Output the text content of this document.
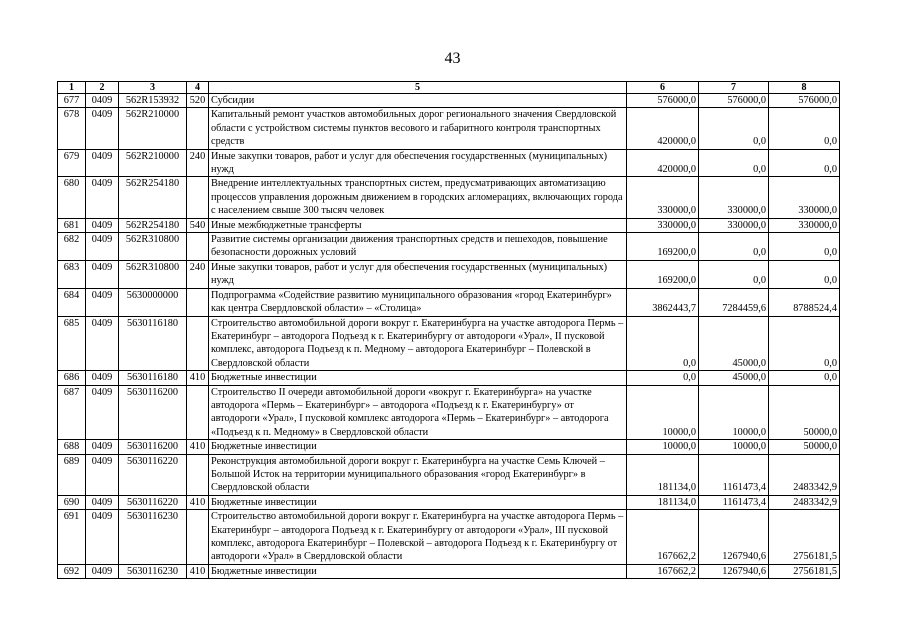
43
1	2	3	4	5	6	7	8
677	0409	562R153932	520	Субсидии	576000,0	576000,0	576000,0
678	0409	562R210000		Капитальный ремонт участков автомобильных дорог регионального значения Свердловской области с устройством системы пунктов весового и габаритного контроля транспортных средств	420000,0	0,0	0,0
679	0409	562R210000	240	Иные закупки товаров, работ и услуг для обеспечения государственных (муниципальных) нужд	420000,0	0,0	0,0
680	0409	562R254180		Внедрение интеллектуальных транспортных систем, предусматривающих автоматизацию процессов управления дорожным движением в городских агломерациях, включающих города с населением свыше 300 тысяч человек	330000,0	330000,0	330000,0
681	0409	562R254180	540	Иные межбюджетные трансферты	330000,0	330000,0	330000,0
682	0409	562R310800		Развитие системы организации движения транспортных средств и пешеходов, повышение безопасности дорожных условий	169200,0	0,0	0,0
683	0409	562R310800	240	Иные закупки товаров, работ и услуг для обеспечения государственных (муниципальных) нужд	169200,0	0,0	0,0
684	0409	5630000000		Подпрограмма «Содействие развитию муниципального образования «город Екатеринбург» как центра Свердловской области» – «Столица»	3862443,7	7284459,6	8788524,4
685	0409	5630116180		Строительство автомобильной дороги вокруг г. Екатеринбурга на участке автодорога Пермь – Екатеринбург – автодорога Подъезд к г. Екатеринбургу от автодороги «Урал», II пусковой комплекс, автодорога Подъезд к п. Медному – автодорога Екатеринбург – Полевской в Свердловской области	0,0	45000,0	0,0
686	0409	5630116180	410	Бюджетные инвестиции	0,0	45000,0	0,0
687	0409	5630116200		Строительство II очереди автомобильной дороги «вокруг г. Екатеринбурга» на участке автодорога «Пермь – Екатеринбург» – автодорога «Подъезд к г. Екатеринбургу» от автодороги «Урал», I пусковой комплекс автодорога «Пермь – Екатеринбург» – автодорога «Подъезд к п. Медному» в Свердловской области	10000,0	10000,0	50000,0
688	0409	5630116200	410	Бюджетные инвестиции	10000,0	10000,0	50000,0
689	0409	5630116220		Реконструкция автомобильной дороги вокруг г. Екатеринбурга на участке Семь Ключей – Большой Исток на территории муниципального образования «город Екатеринбург» в Свердловской области	181134,0	1161473,4	2483342,9
690	0409	5630116220	410	Бюджетные инвестиции	181134,0	1161473,4	2483342,9
691	0409	5630116230		Строительство автомобильной дороги вокруг г. Екатеринбурга на участке автодорога Пермь – Екатеринбург – автодорога Подъезд к г. Екатеринбургу от автодороги «Урал», III пусковой комплекс, автодорога Екатеринбург – Полевской – автодорога Подъезд к г. Екатеринбургу от автодороги «Урал» в Свердловской области	167662,2	1267940,6	2756181,5
692	0409	5630116230	410	Бюджетные инвестиции	167662,2	1267940,6	2756181,5
